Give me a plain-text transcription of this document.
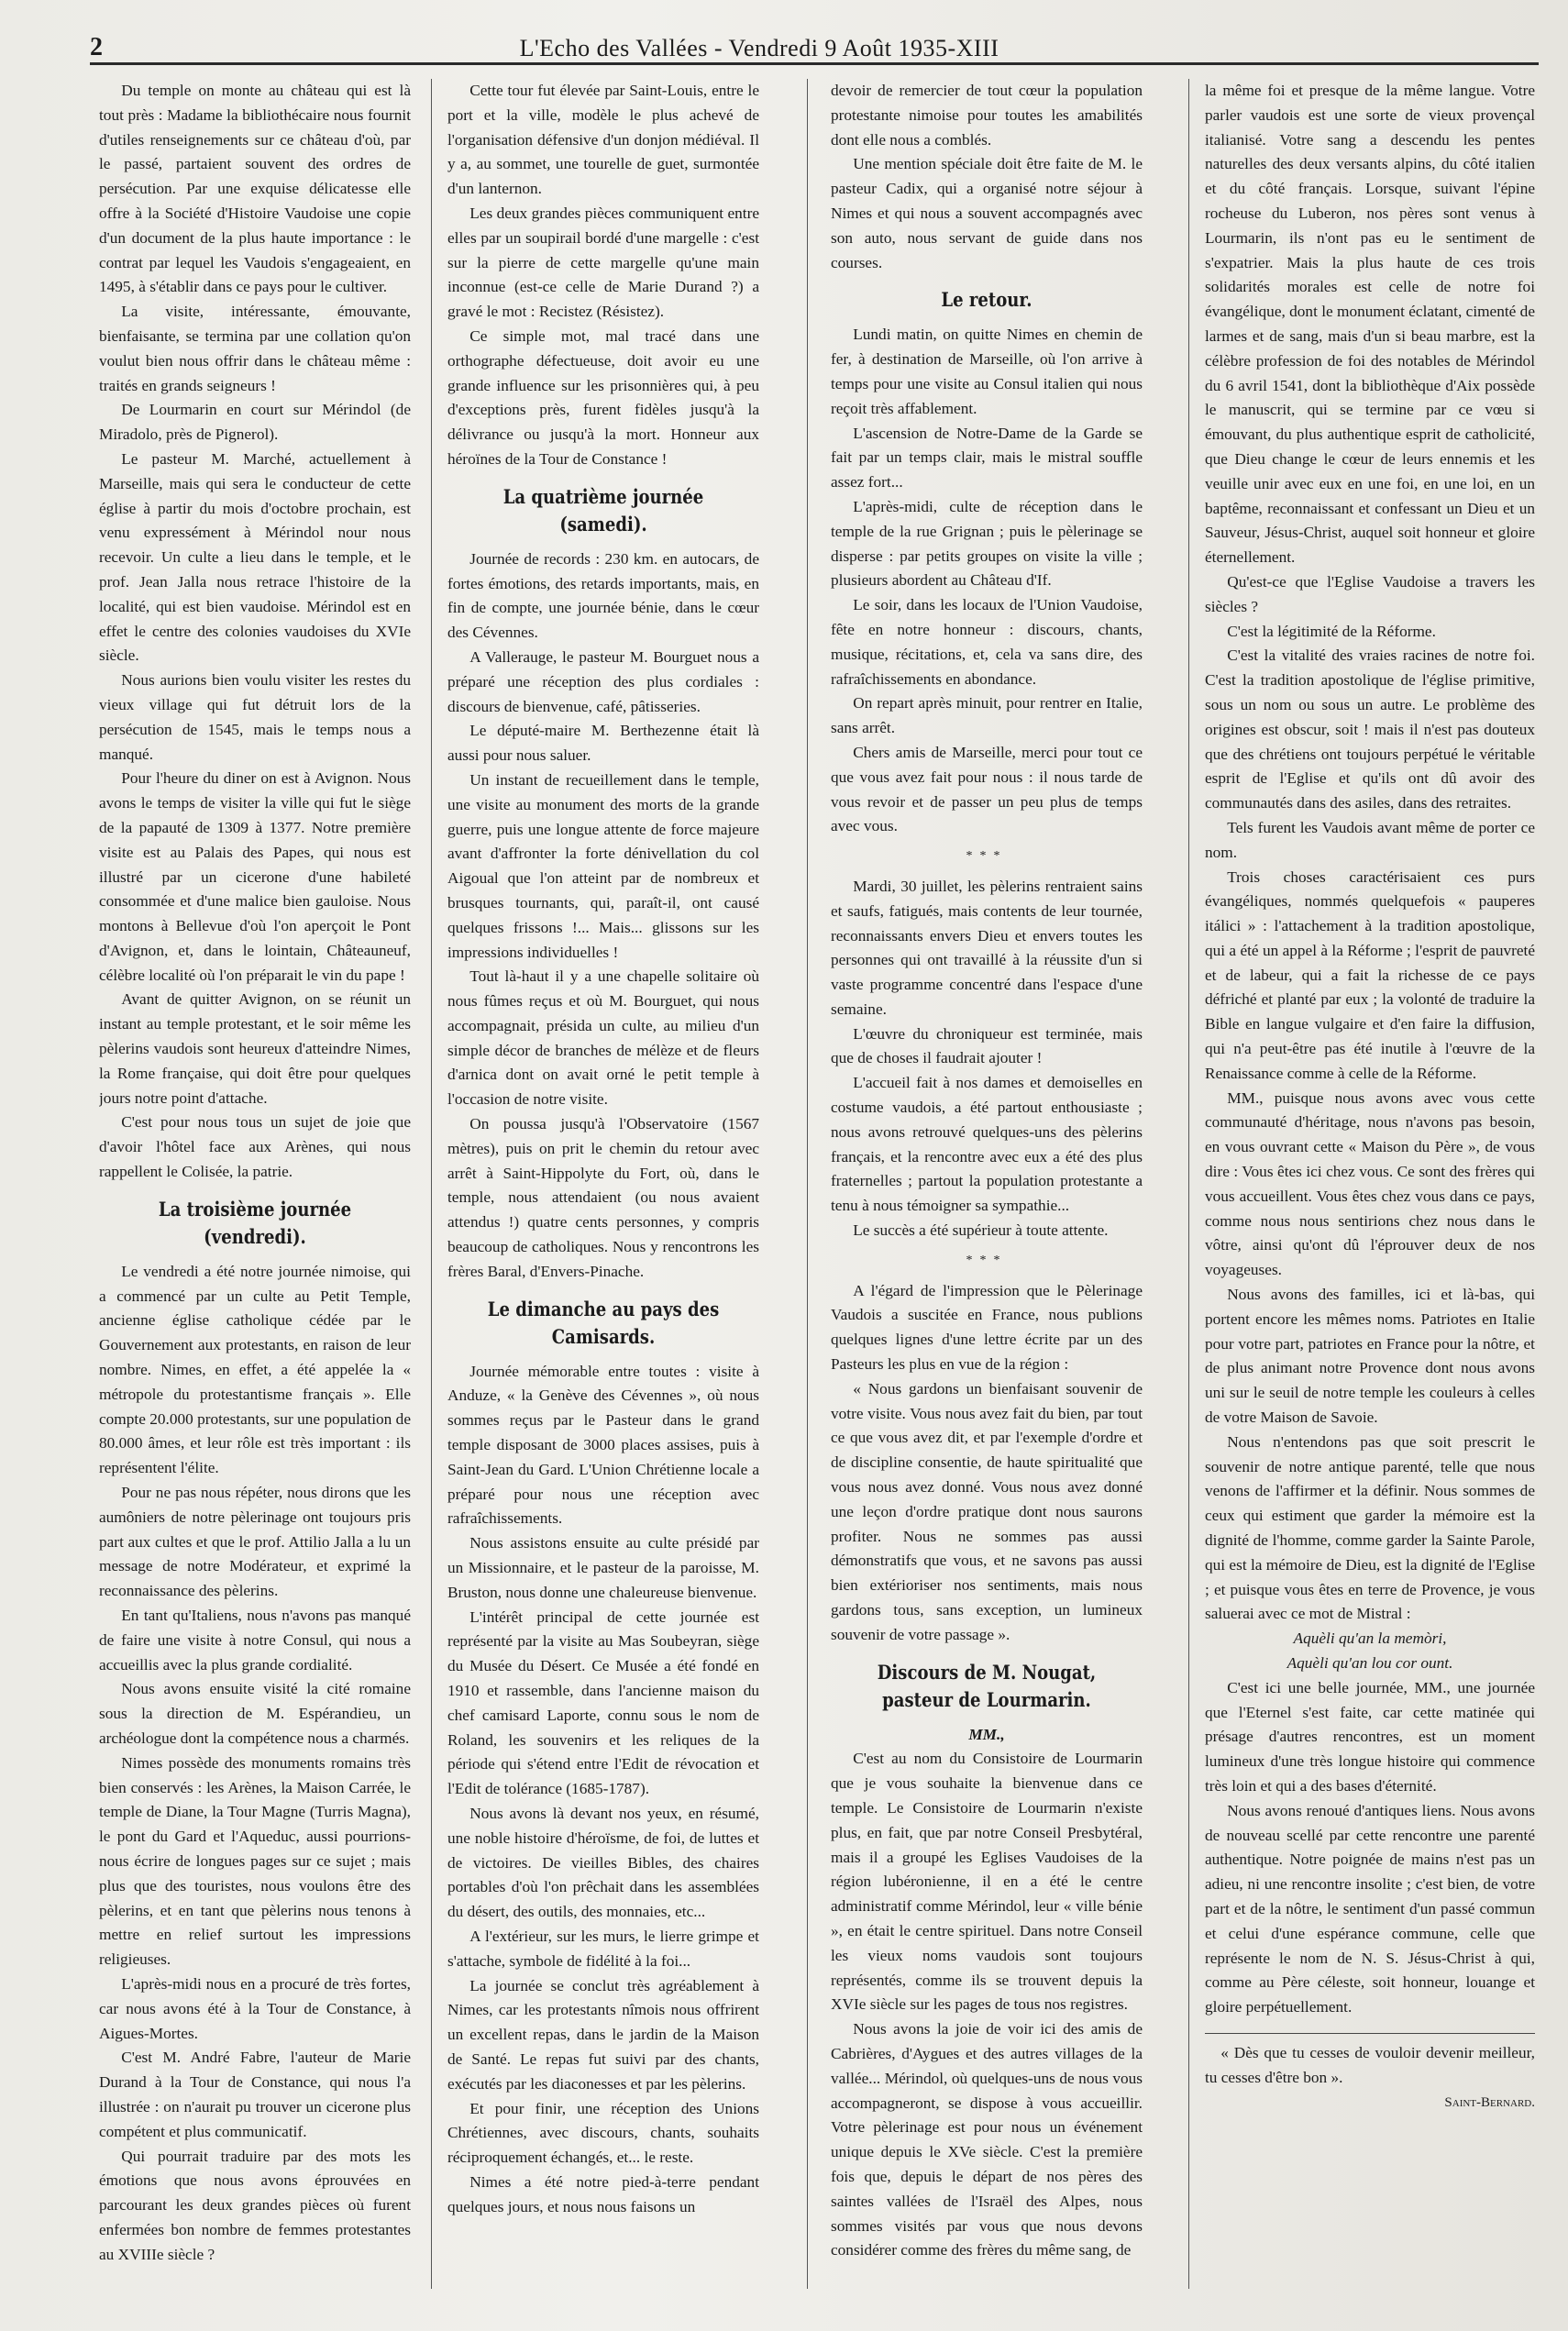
2	L'Echo des Vallées - Vendredi 9 Août 1935-XIII

Du temple on monte au château qui est là tout près : Madame la bibliothécaire nous fournit d'utiles renseignements sur ce château d'où, par le passé, partaient souvent des ordres de persécution. Par une exquise délicatesse elle offre à la Société d'Histoire Vaudoise une copie d'un document de la plus haute importance : le contrat par lequel les Vaudois s'engageaient, en 1495, à s'établir dans ce pays pour le cultiver.

La visite, intéressante, émouvante, bienfaisante, se termina par une collation qu'on voulut bien nous offrir dans le château même : traités en grands seigneurs !

De Lourmarin en court sur Mérindol (de Miradolo, près de Pignerol).

Le pasteur M. Marché, actuellement à Marseille, mais qui sera le conducteur de cette église à partir du mois d'octobre prochain, est venu expressément à Mérindol nour nous recevoir. Un culte a lieu dans le temple, et le prof. Jean Jalla nous retrace l'histoire de la localité, qui est bien vaudoise. Mérindol est en effet le centre des colonies vaudoises du XVIe siècle.

Nous aurions bien voulu visiter les restes du vieux village qui fut détruit lors de la persécution de 1545, mais le temps nous a manqué.

Pour l'heure du diner on est à Avignon. Nous avons le temps de visiter la ville qui fut le siège de la papauté de 1309 à 1377. Notre première visite est au Palais des Papes, qui nous est illustré par un cicerone d'une habileté consommée et d'une malice bien gauloise. Nous montons à Bellevue d'où l'on aperçoit le Pont d'Avignon, et, dans le lointain, Châteauneuf, célèbre localité où l'on préparait le vin du pape !

Avant de quitter Avignon, on se réunit un instant au temple protestant, et le soir même les pèlerins vaudois sont heureux d'atteindre Nimes, la Rome française, qui doit être pour quelques jours notre point d'attache.

C'est pour nous tous un sujet de joie que d'avoir l'hôtel face aux Arènes, qui nous rappellent le Colisée, la patrie.

La troisième journée (vendredi).

Le vendredi a été notre journée nimoise, qui a commencé par un culte au Petit Temple, ancienne église catholique cédée par le Gouvernement aux protestants, en raison de leur nombre. Nimes, en effet, a été appelée la « métropole du protestantisme français ». Elle compte 20.000 protestants, sur une population de 80.000 âmes, et leur rôle est très important : ils représentent l'élite.

Pour ne pas nous répéter, nous dirons que les aumôniers de notre pèlerinage ont toujours pris part aux cultes et que le prof. Attilio Jalla a lu un message de notre Modérateur, et exprimé la reconnaissance des pèlerins.

En tant qu'Italiens, nous n'avons pas manqué de faire une visite à notre Consul, qui nous a accueillis avec la plus grande cordialité.

Nous avons ensuite visité la cité romaine sous la direction de M. Espérandieu, un archéologue dont la compétence nous a charmés.

Nimes possède des monuments romains très bien conservés : les Arènes, la Maison Carrée, le temple de Diane, la Tour Magne (Turris Magna), le pont du Gard et l'Aqueduc, aussi pourrions-nous écrire de longues pages sur ce sujet ; mais plus que des touristes, nous voulons être des pèlerins, et en tant que pèlerins nous tenons à mettre en relief surtout les impressions religieuses.

L'après-midi nous en a procuré de très fortes, car nous avons été à la Tour de Constance, à Aigues-Mortes.

C'est M. André Fabre, l'auteur de Marie Durand à la Tour de Constance, qui nous l'a illustrée : on n'aurait pu trouver un cicerone plus compétent et plus communicatif.

Qui pourrait traduire par des mots les émotions que nous avons éprouvées en parcourant les deux grandes pièces où furent enfermées bon nombre de femmes protestantes au XVIIIe siècle ?

Cette tour fut élevée par Saint-Louis, entre le port et la ville, modèle le plus achevé de l'organisation défensive d'un donjon médiéval. Il y a, au sommet, une tourelle de guet, surmontée d'un lanternon.

Les deux grandes pièces communiquent entre elles par un soupirail bordé d'une margelle : c'est sur la pierre de cette margelle qu'une main inconnue (est-ce celle de Marie Durand ?) a gravé le mot : Recistez (Résistez).

Ce simple mot, mal tracé dans une orthographe défectueuse, doit avoir eu une grande influence sur les prisonnières qui, à peu d'exceptions près, furent fidèles jusqu'à la délivrance ou jusqu'à la mort. Honneur aux héroïnes de la Tour de Constance !

La quatrième journée (samedi).

Journée de records : 230 km. en autocars, de fortes émotions, des retards importants, mais, en fin de compte, une journée bénie, dans le cœur des Cévennes.

A Vallerauge, le pasteur M. Bourguet nous a préparé une réception des plus cordiales : discours de bienvenue, café, pâtisseries.

Le député-maire M. Berthezenne était là aussi pour nous saluer.

Un instant de recueillement dans le temple, une visite au monument des morts de la grande guerre, puis une longue attente de force majeure avant d'affronter la forte dénivellation du col Aigoual que l'on atteint par de nombreux et brusques tournants, qui, paraît-il, ont causé quelques frissons !... Mais... glissons sur les impressions individuelles !

Tout là-haut il y a une chapelle solitaire où nous fûmes reçus et où M. Bourguet, qui nous accompagnait, présida un culte, au milieu d'un simple décor de branches de mélèze et de fleurs d'arnica dont on avait orné le petit temple à l'occasion de notre visite.

On poussa jusqu'à l'Observatoire (1567 mètres), puis on prit le chemin du retour avec arrêt à Saint-Hippolyte du Fort, où, dans le temple, nous attendaient (ou nous avaient attendus !) quatre cents personnes, y compris beaucoup de catholiques. Nous y rencontrons les frères Baral, d'Envers-Pinache.

Le dimanche au pays des Camisards.

Journée mémorable entre toutes : visite à Anduze, « la Genève des Cévennes », où nous sommes reçus par le Pasteur dans le grand temple disposant de 3000 places assises, puis à Saint-Jean du Gard. L'Union Chrétienne locale a préparé pour nous une réception avec rafraîchissements.

Nous assistons ensuite au culte présidé par un Missionnaire, et le pasteur de la paroisse, M. Bruston, nous donne une chaleureuse bienvenue.

L'intérêt principal de cette journée est représenté par la visite au Mas Soubeyran, siège du Musée du Désert. Ce Musée a été fondé en 1910 et rassemble, dans l'ancienne maison du chef camisard Laporte, connu sous le nom de Roland, les souvenirs et les reliques de la période qui s'étend entre l'Edit de révocation et l'Edit de tolérance (1685-1787).

Nous avons là devant nos yeux, en résumé, une noble histoire d'héroïsme, de foi, de luttes et de victoires. De vieilles Bibles, des chaires portables d'où l'on prêchait dans les assemblées du désert, des outils, des monnaies, etc...

A l'extérieur, sur les murs, le lierre grimpe et s'attache, symbole de fidélité à la foi...

La journée se conclut très agréablement à Nimes, car les protestants nîmois nous offrirent un excellent repas, dans le jardin de la Maison de Santé. Le repas fut suivi par des chants, exécutés par les diaconesses et par les pèlerins.

Et pour finir, une réception des Unions Chrétiennes, avec discours, chants, souhaits réciproquement échangés, et... le reste.

Nimes a été notre pied-à-terre pendant quelques jours, et nous nous faisons un

devoir de remercier de tout cœur la population protestante nimoise pour toutes les amabilités dont elle nous a comblés.

Une mention spéciale doit être faite de M. le pasteur Cadix, qui a organisé notre séjour à Nimes et qui nous a souvent accompagnés avec son auto, nous servant de guide dans nos courses.

Le retour.

Lundi matin, on quitte Nimes en chemin de fer, à destination de Marseille, où l'on arrive à temps pour une visite au Consul italien qui nous reçoit très affablement.

L'ascension de Notre-Dame de la Garde se fait par un temps clair, mais le mistral souffle assez fort...

L'après-midi, culte de réception dans le temple de la rue Grignan ; puis le pèlerinage se disperse : par petits groupes on visite la ville ; plusieurs abordent au Château d'If.

Le soir, dans les locaux de l'Union Vaudoise, fête en notre honneur : discours, chants, musique, récitations, et, cela va sans dire, des rafraîchissements en abondance.

On repart après minuit, pour rentrer en Italie, sans arrêt.

Chers amis de Marseille, merci pour tout ce que vous avez fait pour nous : il nous tarde de vous revoir et de passer un peu plus de temps avec vous.

***

Mardi, 30 juillet, les pèlerins rentraient sains et saufs, fatigués, mais contents de leur tournée, reconnaissants envers Dieu et envers toutes les personnes qui ont travaillé à la réussite d'un si vaste programme concentré dans l'espace d'une semaine.

L'œuvre du chroniqueur est terminée, mais que de choses il faudrait ajouter !

L'accueil fait à nos dames et demoiselles en costume vaudois, a été partout enthousiaste ; nous avons retrouvé quelques-uns des pèlerins français, et la rencontre avec eux a été des plus fraternelles ; partout la population protestante a tenu à nous témoigner sa sympathie...

Le succès a été supérieur à toute attente.

***

A l'égard de l'impression que le Pèlerinage Vaudois a suscitée en France, nous publions quelques lignes d'une lettre écrite par un des Pasteurs les plus en vue de la région :

« Nous gardons un bienfaisant souvenir de votre visite. Vous nous avez fait du bien, par tout ce que vous avez dit, et par l'exemple d'ordre et de discipline consentie, de haute spiritualité que vous nous avez donné. Vous nous avez donné une leçon d'ordre pratique dont nous saurons profiter. Nous ne sommes pas aussi démonstratifs que vous, et ne savons pas aussi bien extérioriser nos sentiments, mais nous gardons tous, sans exception, un lumineux souvenir de votre passage ».

Discours de M. Nougat, pasteur de Lourmarin.
MM.,

C'est au nom du Consistoire de Lourmarin que je vous souhaite la bienvenue dans ce temple. Le Consistoire de Lourmarin n'existe plus, en fait, que par notre Conseil Presbytéral, mais il a groupé les Eglises Vaudoises de la région lubéronienne, il en a été le centre administratif comme Mérindol, leur « ville bénie », en était le centre spirituel. Dans notre Conseil les vieux noms vaudois sont toujours représentés, comme ils se trouvent depuis la XVIe siècle sur les pages de tous nos registres.

Nous avons la joie de voir ici des amis de Cabrières, d'Aygues et des autres villages de la vallée... Mérindol, où quelques-uns de nous vous accompagneront, se dispose à vous accueillir. Votre pèlerinage est pour nous un événement unique depuis le XVe siècle. C'est la première fois que, depuis le départ de nos pères des saintes vallées de l'Israël des Alpes, nous sommes visités par vous que nous devons considérer comme des frères du même sang, de

la même foi et presque de la même langue. Votre parler vaudois est une sorte de vieux provençal italianisé. Votre sang a descendu les pentes naturelles des deux versants alpins, du côté italien et du côté français. Lorsque, suivant l'épine rocheuse du Luberon, nos pères sont venus à Lourmarin, ils n'ont pas eu le sentiment de s'expatrier. Mais la plus haute de ces trois solidarités morales est celle de notre foi évangélique, dont le monument éclatant, cimenté de larmes et de sang, mais d'un si beau marbre, est la célèbre profession de foi des notables de Mérindol du 6 avril 1541, dont la bibliothèque d'Aix possède le manuscrit, qui se termine par ce vœu si émouvant, du plus authentique esprit de catholicité, que Dieu change le cœur de leurs ennemis et les veuille unir avec eux en une foi, en une loi, en un baptême, reconnaissant et confessant un Dieu et un Sauveur, Jésus-Christ, auquel soit honneur et gloire éternellement.

Qu'est-ce que l'Eglise Vaudoise a travers les siècles ?

C'est la légitimité de la Réforme.

C'est la vitalité des vraies racines de notre foi. C'est la tradition apostolique de l'église primitive, sous un nom ou sous un autre. Le problème des origines est obscur, soit ! mais il n'est pas douteux que des chrétiens ont toujours perpétué le véritable esprit de l'Eglise et qu'ils ont dû avoir des communautés dans des asiles, dans des retraites.

Tels furent les Vaudois avant même de porter ce nom.

Trois choses caractérisaient ces purs évangéliques, nommés quelquefois « pauperes itálici » : l'attachement à la tradition apostolique, qui a été un appel à la Réforme ; l'esprit de pauvreté et de labeur, qui a fait la richesse de ce pays défriché et planté par eux ; la volonté de traduire la Bible en langue vulgaire et d'en faire la diffusion, qui n'a peut-être pas été inutile à l'œuvre de la Renaissance comme à celle de la Réforme.

MM., puisque nous avons avec vous cette communauté d'héritage, nous n'avons pas besoin, en vous ouvrant cette « Maison du Père », de vous dire : Vous êtes ici chez vous. Ce sont des frères qui vous accueillent. Vous êtes chez vous dans ce pays, comme nous nous sentirions chez nous dans le vôtre, ainsi qu'ont dû l'éprouver deux de nos voyageuses.

Nous avons des familles, ici et là-bas, qui portent encore les mêmes noms. Patriotes en Italie pour votre part, patriotes en France pour la nôtre, et de plus animant notre Provence dont nous avons uni sur le seuil de notre temple les couleurs à celles de votre Maison de Savoie.

Nous n'entendons pas que soit prescrit le souvenir de notre antique parenté, telle que nous venons de l'affirmer et la définir. Nous sommes de ceux qui estiment que garder la mémoire est la dignité de l'homme, comme garder la Sainte Parole, qui est la mémoire de Dieu, est la dignité de l'Eglise ; et puisque vous êtes en terre de Provence, je vous saluerai avec ce mot de Mistral :

Aquèli qu'an la memòri,
Aquèli qu'an lou cor ount.

C'est ici une belle journée, MM., une journée que l'Eternel s'est faite, car cette matinée qui présage d'autres rencontres, est un moment lumineux d'une très longue histoire qui commence très loin et qui a des bases d'éternité.

Nous avons renoué d'antiques liens. Nous avons de nouveau scellé par cette rencontre une parenté authentique. Notre poignée de mains n'est pas un adieu, ni une rencontre insolite ; c'est bien, de votre part et de la nôtre, le sentiment d'un passé commun et celui d'une espérance commune, celle que représente le nom de N. S. Jésus-Christ à qui, comme au Père céleste, soit honneur, louange et gloire perpétuellement.

« Dès que tu cesses de vouloir devenir meilleur, tu cesses d'être bon ».

Saint-Bernard.
